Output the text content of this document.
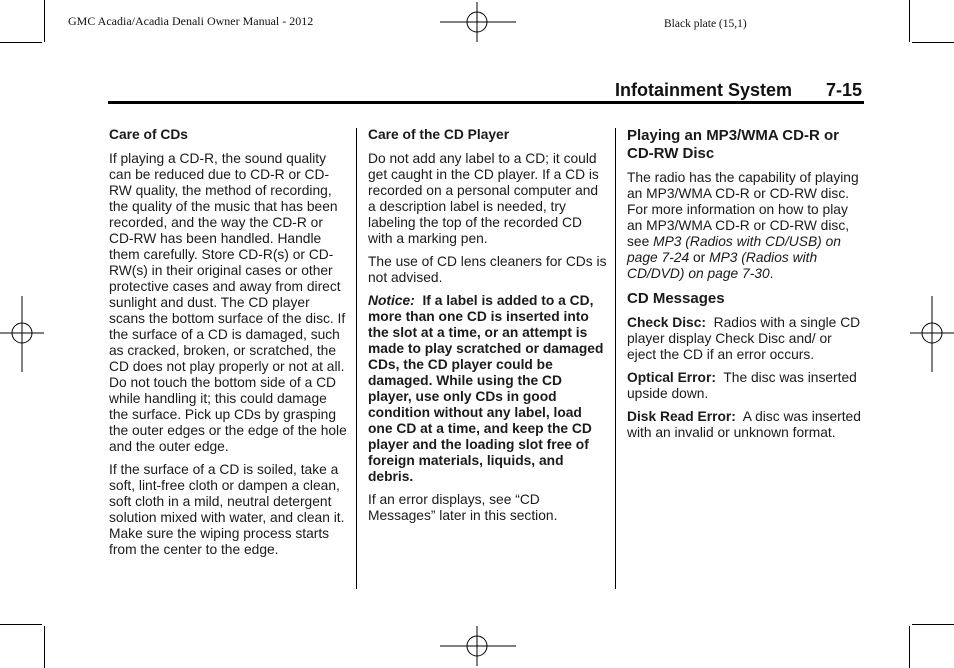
GMC Acadia/Acadia Denali Owner Manual - 2012	Black plate (15,1)
Infotainment System 7-15
Care of CDs

If playing a CD-R, the sound quality can be reduced due to CD-R or CD-RW quality, the method of recording, the quality of the music that has been recorded, and the way the CD-R or CD-RW has been handled. Handle them carefully. Store CD-R(s) or CD-RW(s) in their original cases or other protective cases and away from direct sunlight and dust. The CD player scans the bottom surface of the disc. If the surface of a CD is damaged, such as cracked, broken, or scratched, the CD does not play properly or not at all. Do not touch the bottom side of a CD while handling it; this could damage the surface. Pick up CDs by grasping the outer edges or the edge of the hole and the outer edge.

If the surface of a CD is soiled, take a soft, lint-free cloth or dampen a clean, soft cloth in a mild, neutral detergent solution mixed with water, and clean it. Make sure the wiping process starts from the center to the edge.

Care of the CD Player

Do not add any label to a CD; it could get caught in the CD player. If a CD is recorded on a personal computer and a description label is needed, try labeling the top of the recorded CD with a marking pen.

The use of CD lens cleaners for CDs is not advised.

Notice: If a label is added to a CD, more than one CD is inserted into the slot at a time, or an attempt is made to play scratched or damaged CDs, the CD player could be damaged. While using the CD player, use only CDs in good condition without any label, load one CD at a time, and keep the CD player and the loading slot free of foreign materials, liquids, and debris.

If an error displays, see “CD Messages” later in this section.

Playing an MP3/WMA CD-R or CD-RW Disc

The radio has the capability of playing an MP3/WMA CD-R or CD-RW disc. For more information on how to play an MP3/WMA CD-R or CD-RW disc, see MP3 (Radios with CD/USB) on page 7-24 or MP3 (Radios with CD/DVD) on page 7-30.

CD Messages

Check Disc: Radios with a single CD player display Check Disc and/ or eject the CD if an error occurs.

Optical Error: The disc was inserted upside down.

Disk Read Error: A disc was inserted with an invalid or unknown format.
